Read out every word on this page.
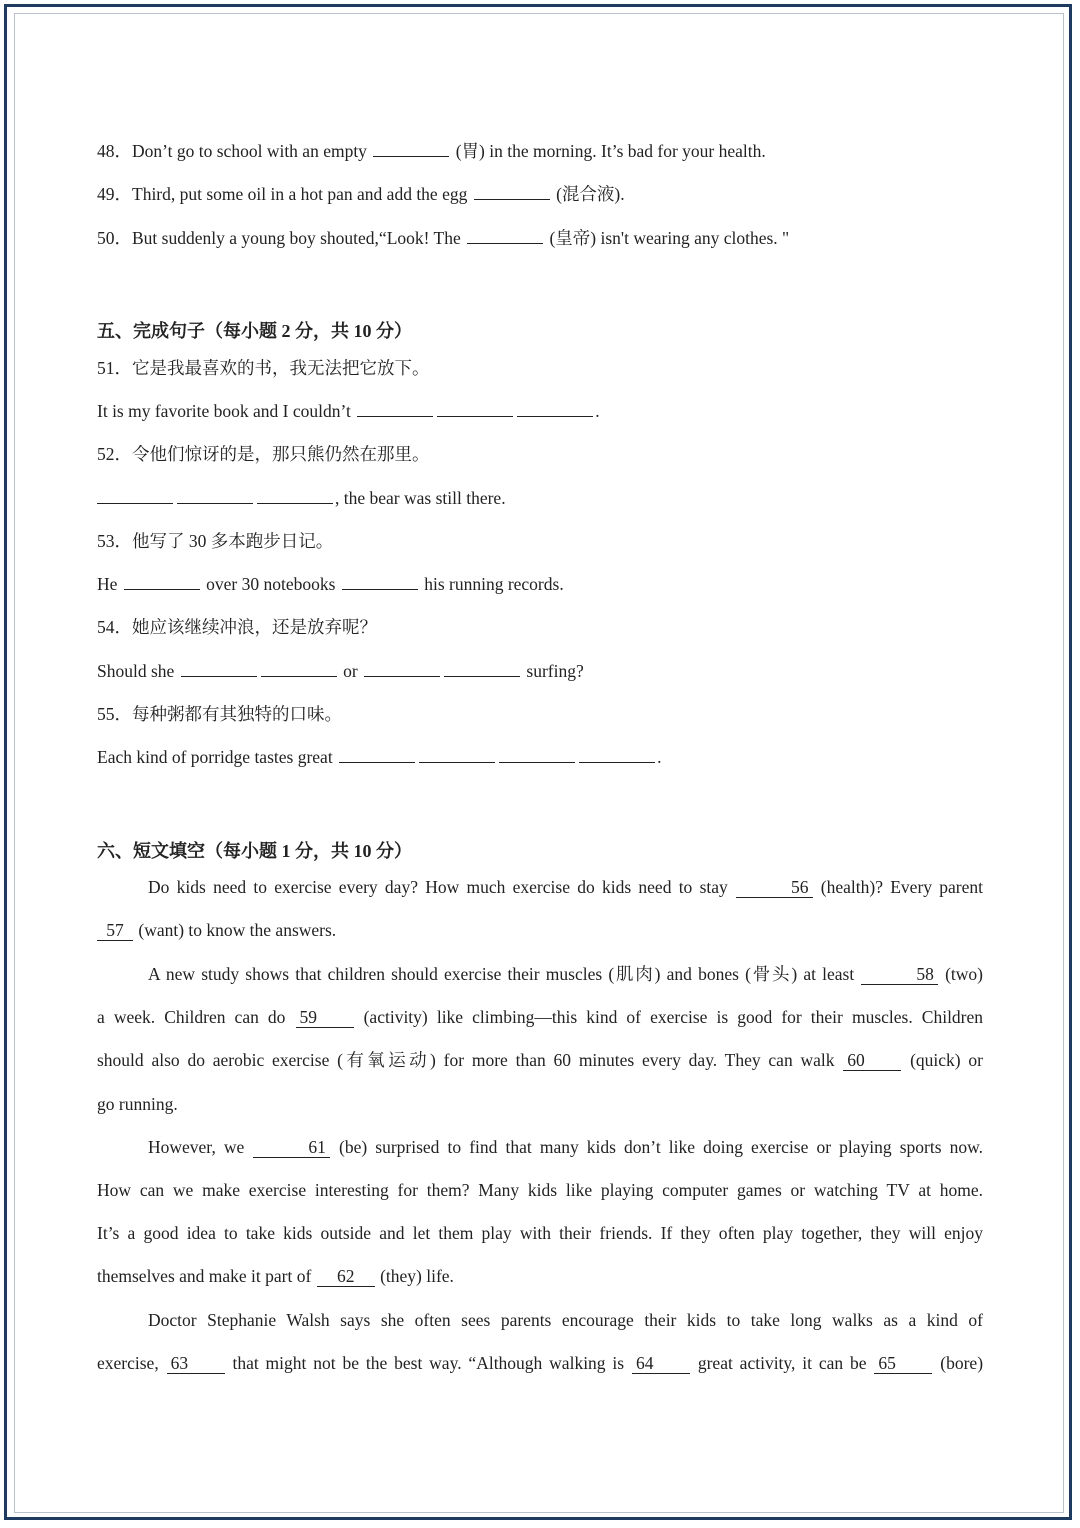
48．Don’t go to school with an empty	(胃) in the morning. It’s bad for your health.
49．Third, put some oil in a hot pan and add the egg	(混合液).
50．But suddenly a young boy shouted,“Look! The	(皇帝) isn't wearing any clothes. "
五、完成句子（每小题 2 分，共 10 分）
51．它是我最喜欢的书，我无法把它放下。
It is my favorite book and I couldn’t	.
52．令他们惊讶的是，那只熊仍然在那里。
, the bear was still there.
53．他写了 30 多本跑步日记。
He	over 30 notebooks	his running records.
54．她应该继续冲浪，还是放弃呢？
Should she	or	surfing?
55．每种粥都有其独特的口味。
Each kind of porridge tastes great	.
六、短文填空（每小题 1 分，共 10 分）
Do kids need to exercise every day? How much exercise do kids need to stay	56 (health)? Every parent
57 (want) to know the answers.
A new study shows that children should exercise their muscles (肌肉) and bones (骨头) at least	58 (two)
a week. Children can do 59	(activity) like climbing—this kind of exercise is good for their muscles. Children
should also do aerobic exercise (有氧运动) for more than 60 minutes every day. They can walk 60	(quick) or
go running.
However, we	61 (be) surprised to find that many kids don’t like doing exercise or playing sports now.
How can we make exercise interesting for them? Many kids like playing computer games or watching TV at home.
It’s a good idea to take kids outside and let them play with their friends. If they often play together, they will enjoy
themselves and make it part of 62 (they) life.
Doctor Stephanie Walsh says she often sees parents encourage their kids to take long walks as a kind of
exercise, 63	that might not be the best way. “Although walking is 64	great activity, it can be 65	(bore)
